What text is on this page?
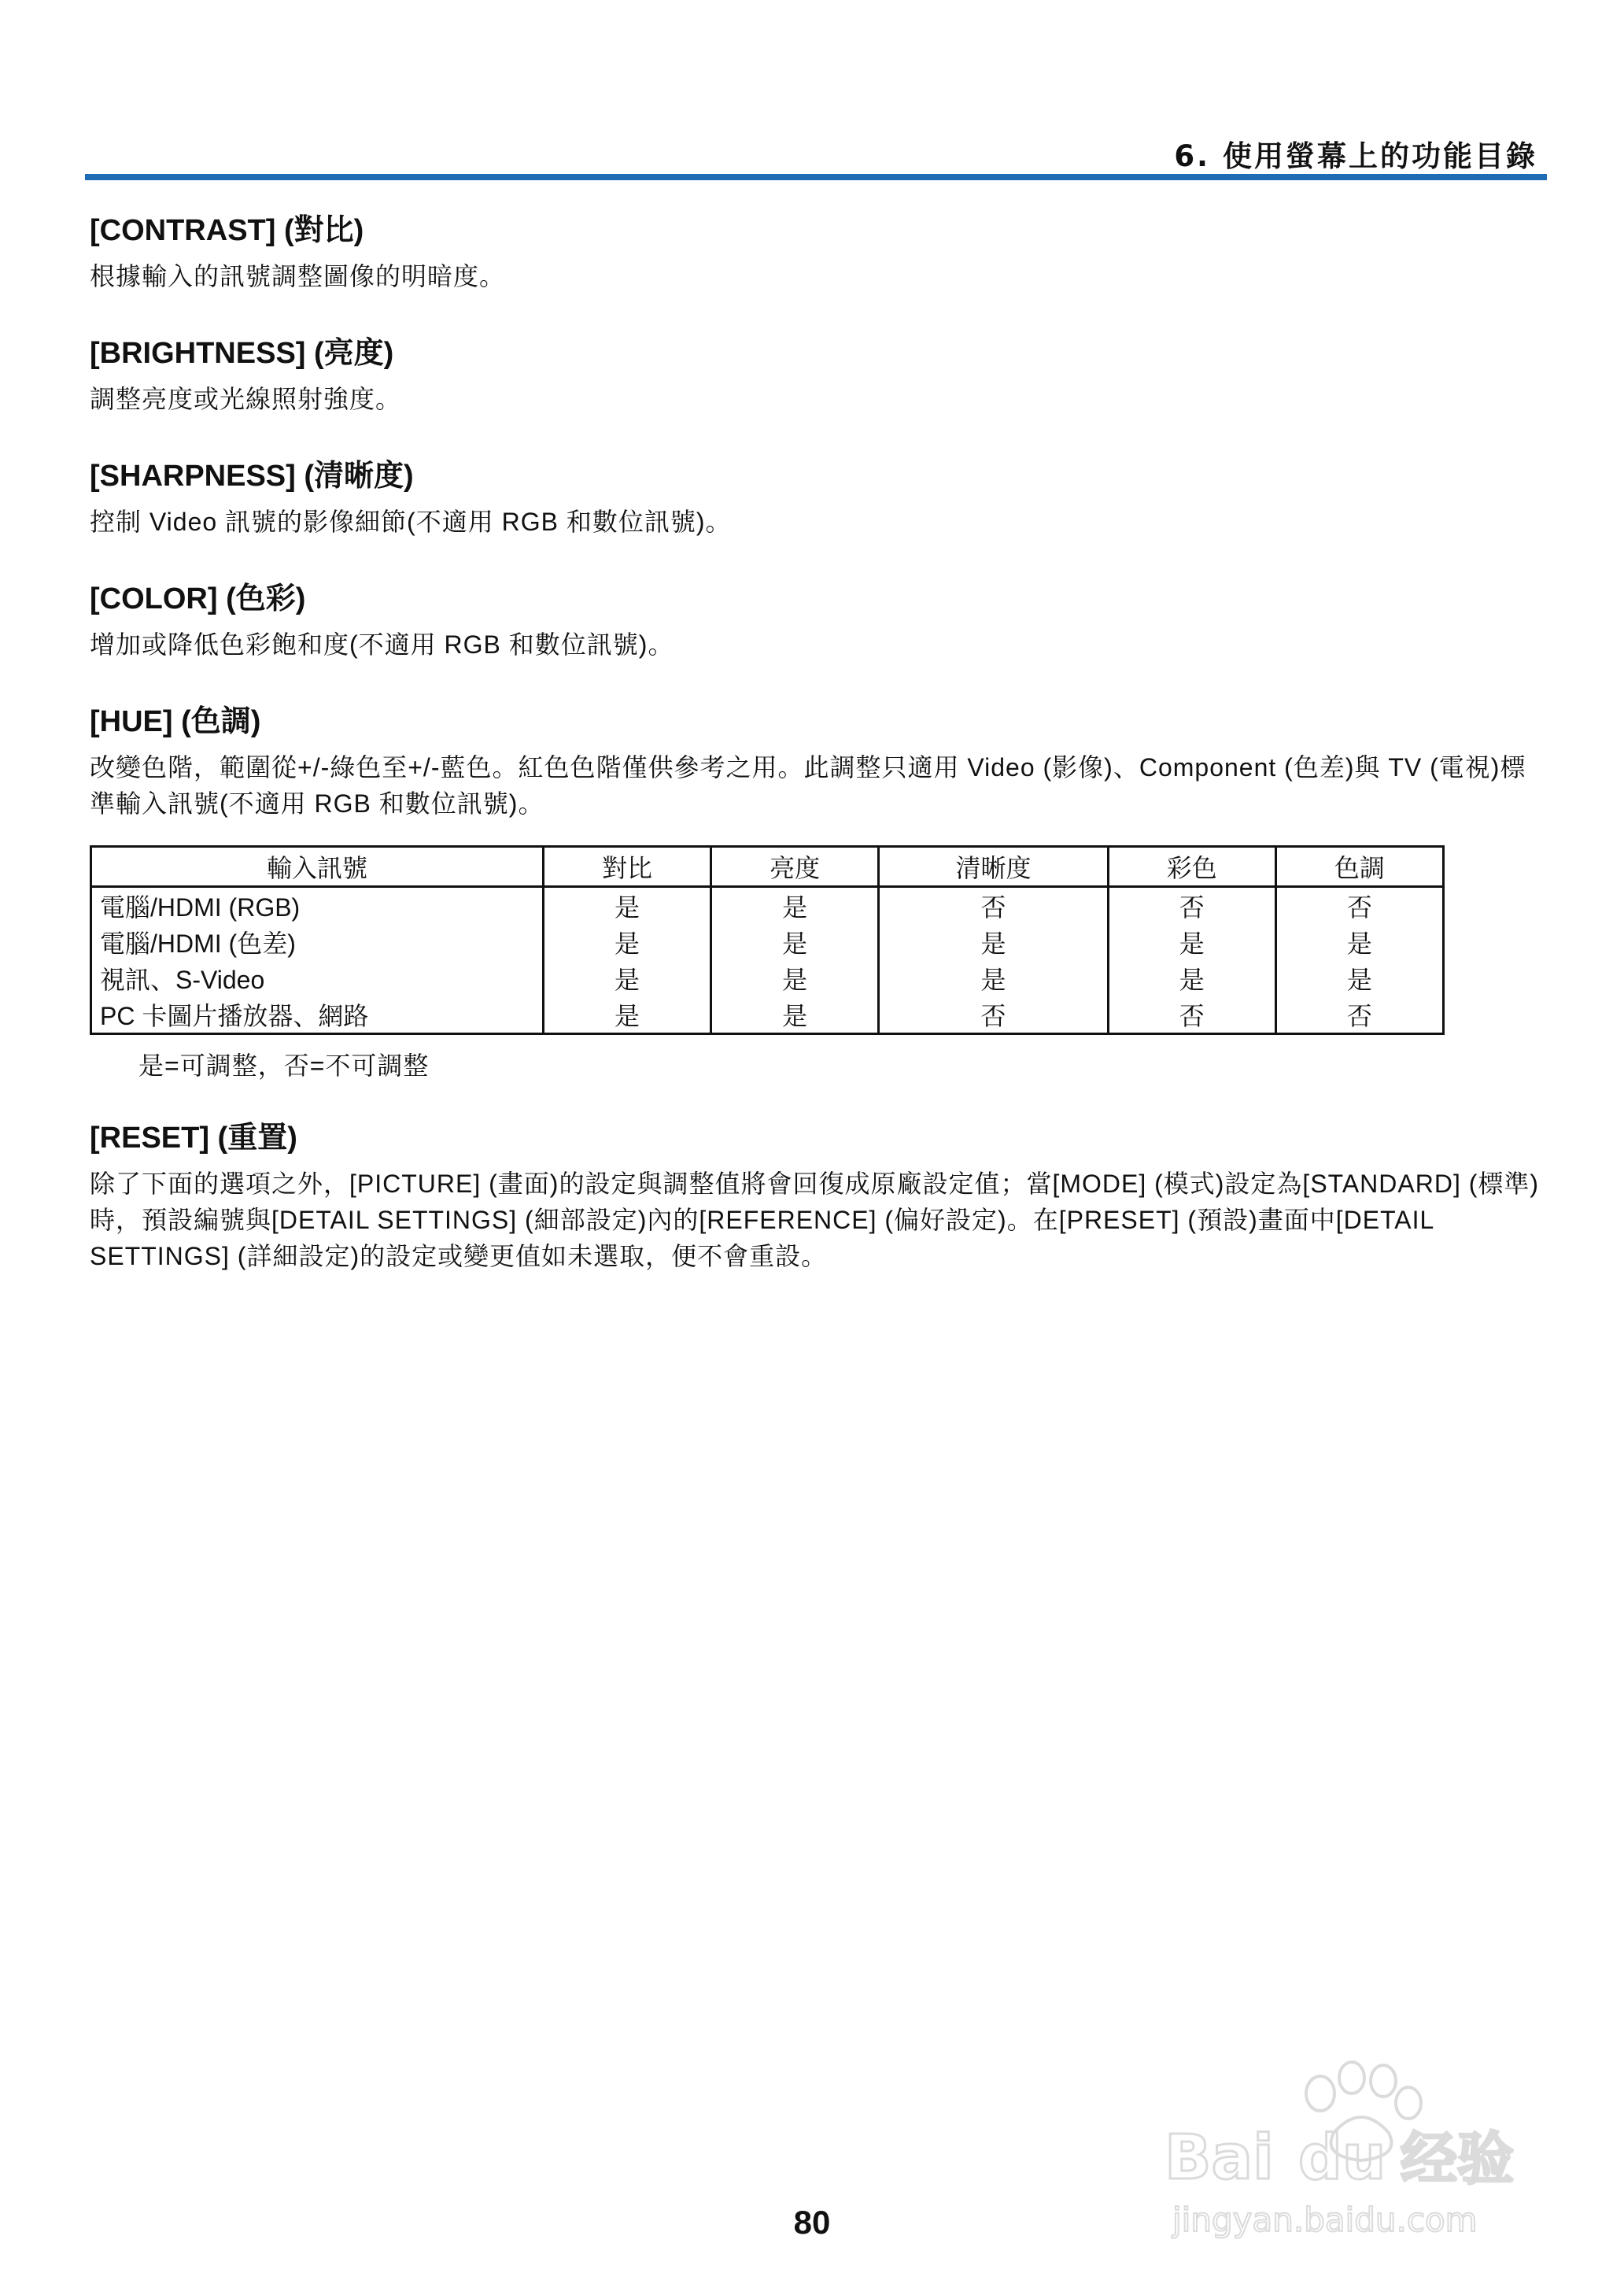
6. 使用螢幕上的功能目錄
[CONTRAST] (對比)
根據輸入的訊號調整圖像的明暗度。
[BRIGHTNESS] (亮度)
調整亮度或光線照射強度。
[SHARPNESS] (清晰度)
控制 Video 訊號的影像細節(不適用 RGB 和數位訊號)。
[COLOR] (色彩)
增加或降低色彩飽和度(不適用 RGB 和數位訊號)。
[HUE] (色調)
改變色階，範圍從+/-綠色至+/-藍色。紅色色階僅供參考之用。此調整只適用 Video (影像)、Component (色差)與 TV (電視)標準輸入訊號(不適用 RGB 和數位訊號)。
輸入訊號	對比	亮度	清晰度	彩色	色調
電腦/HDMI (RGB)	是	是	否	否	否
電腦/HDMI (色差)	是	是	是	是	是
視訊、S-Video	是	是	是	是	是
PC 卡圖片播放器、網路	是	是	否	否	否
是=可調整，否=不可調整
[RESET] (重置)
除了下面的選項之外，[PICTURE] (畫面)的設定與調整值將會回復成原廠設定值；當[MODE] (模式)設定為[STANDARD] (標準)時，預設編號與[DETAIL SETTINGS] (細部設定)內的[REFERENCE] (偏好設定)。在[PRESET] (預設)畫面中[DETAIL SETTINGS] (詳細設定)的設定或變更值如未選取，便不會重設。
80
Bai du 经验
jingyan.baidu.com
